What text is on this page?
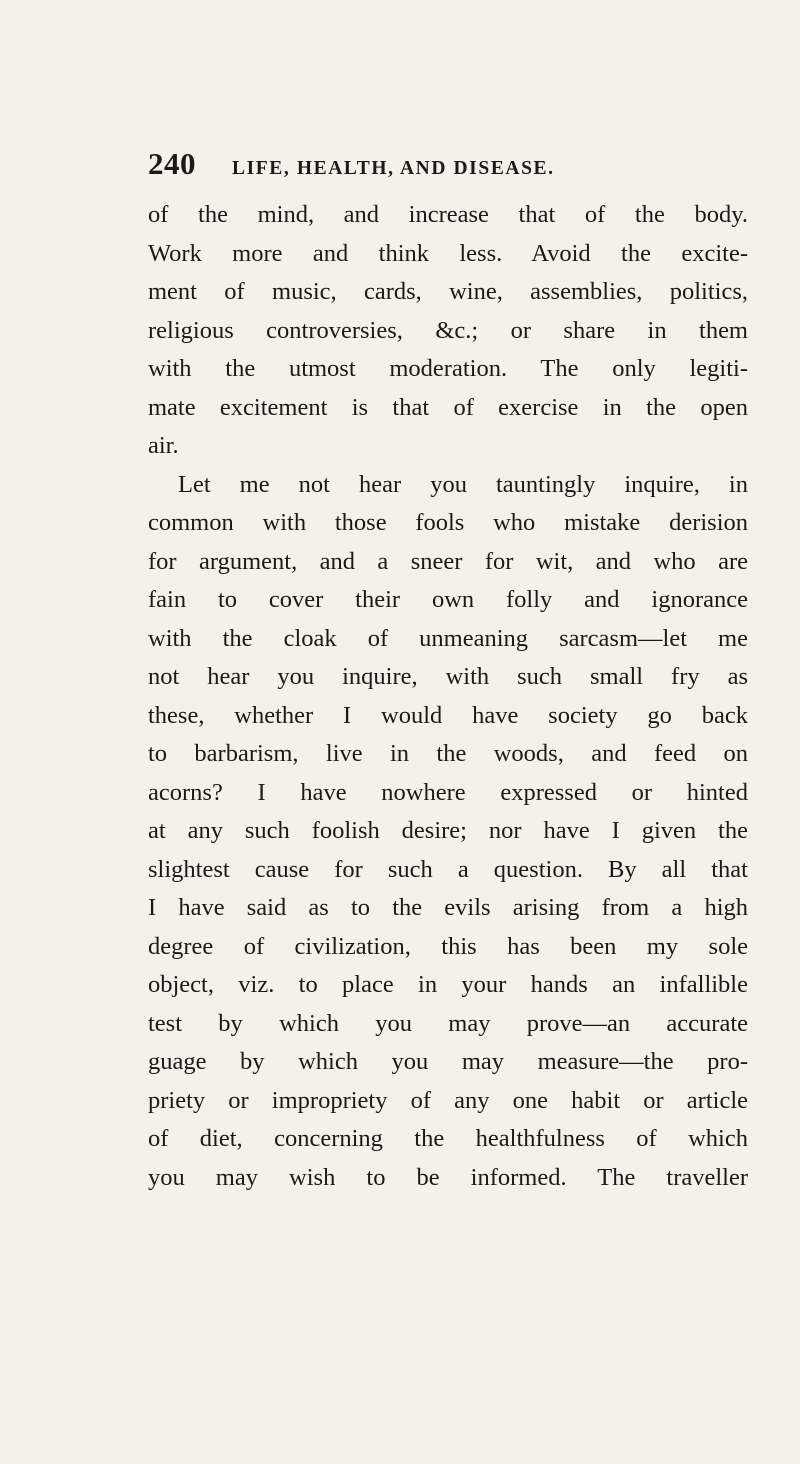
240	LIFE, HEALTH, AND DISEASE.
of the mind, and increase that of the body.
Work more and think less. Avoid the excite-
ment of music, cards, wine, assemblies, politics,
religious controversies, &c.; or share in them
with the utmost moderation. The only legiti-
mate excitement is that of exercise in the open
air.
Let me not hear you tauntingly inquire, in
common with those fools who mistake derision
for argument, and a sneer for wit, and who are
fain to cover their own folly and ignorance
with the cloak of unmeaning sarcasm—let me
not hear you inquire, with such small fry as
these, whether I would have society go back
to barbarism, live in the woods, and feed on
acorns? I have nowhere expressed or hinted
at any such foolish desire; nor have I given the
slightest cause for such a question. By all that
I have said as to the evils arising from a high
degree of civilization, this has been my sole
object, viz. to place in your hands an infallible
test by which you may prove—an accurate
guage by which you may measure—the pro-
priety or impropriety of any one habit or article
of diet, concerning the healthfulness of which
you may wish to be informed. The traveller
